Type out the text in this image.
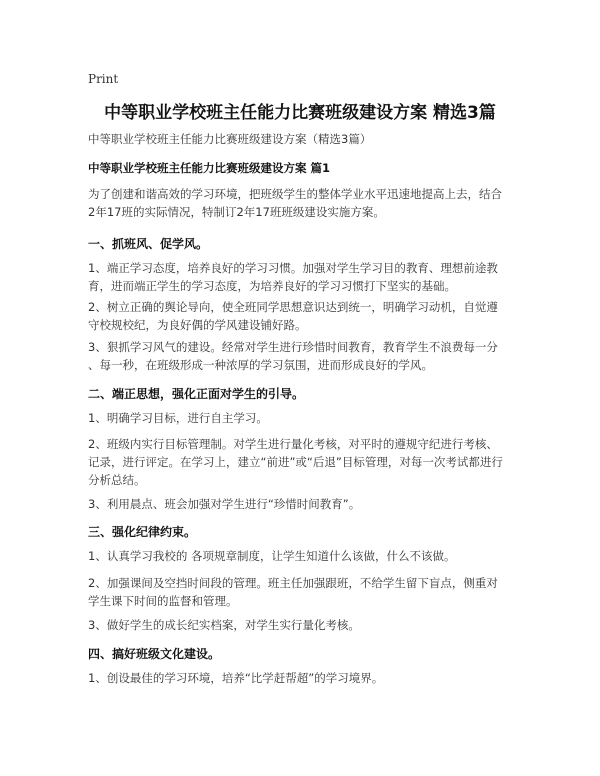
Print
中等职业学校班主任能力比赛班级建设方案 精选3篇
中等职业学校班主任能力比赛班级建设方案（精选3篇）
中等职业学校班主任能力比赛班级建设方案 篇1
为了创建和谐高效的学习环境，把班级学生的整体学业水平迅速地提高上去，结合
2年17班的实际情况，特制订2年17班班级建设实施方案。
一、抓班风、促学风。
1、端正学习态度，培养良好的学习习惯。加强对学生学习目的教育、理想前途教
育，进而端正学生的学习态度，为培养良好的学习习惯打下坚实的基础。
2、树立正确的舆论导向，使全班同学思想意识达到统一，明确学习动机，自觉遵
守校规校纪，为良好偶的学风建设铺好路。
3、狠抓学习风气的建设。经常对学生进行珍惜时间教育，教育学生不浪费每一分
、每一秒，在班级形成一种浓厚的学习氛围，进而形成良好的学风。
二、端正思想，强化正面对学生的引导。
1、明确学习目标，进行自主学习。
2、班级内实行目标管理制。对学生进行量化考核，对平时的遵规守纪进行考核、
记录，进行评定。在学习上，建立“前进”或“后退”目标管理，对每一次考试都进行
分析总结。
3、利用晨点、班会加强对学生进行“珍惜时间教育”。
三、强化纪律约束。
1、认真学习我校的 各项规章制度，让学生知道什么该做，什么不该做。
2、加强课间及空挡时间段的管理。班主任加强跟班，不给学生留下盲点，侧重对
学生课下时间的监督和管理。
3、做好学生的成长纪实档案，对学生实行量化考核。
四、搞好班级文化建设。
1、创设最佳的学习环境，培养“比学赶帮超”的学习境界。
